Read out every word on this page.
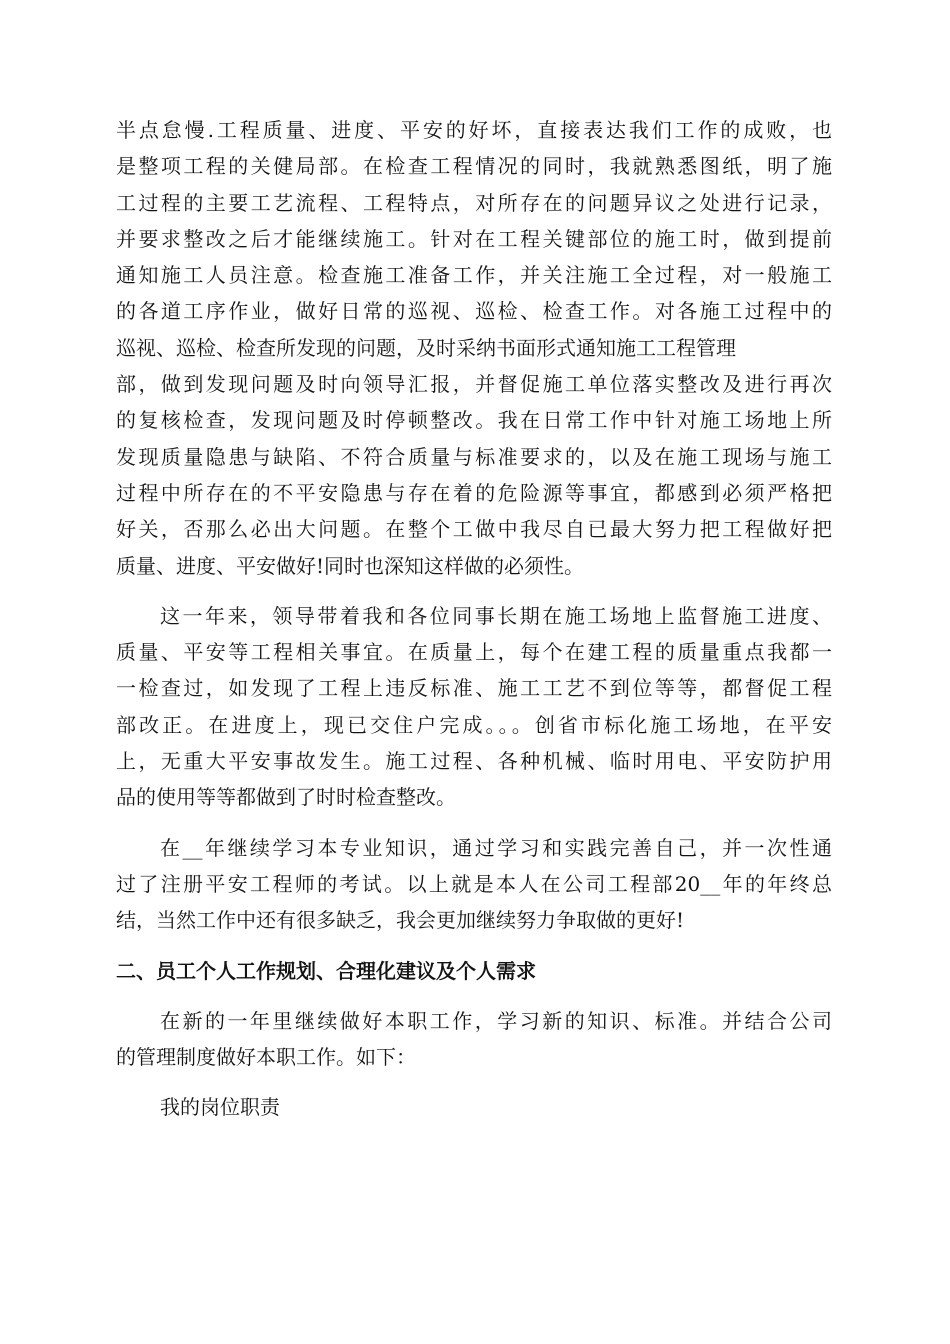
半点怠慢.工程质量、进度、平安的好坏，直接表达我们工作的成败，也
是整项工程的关健局部。在检查工程情况的同时，我就熟悉图纸，明了施
工过程的主要工艺流程、工程特点，对所存在的问题异议之处进行记录，
并要求整改之后才能继续施工。针对在工程关键部位的施工时，做到提前
通知施工人员注意。检查施工准备工作，并关注施工全过程，对一般施工
的各道工序作业，做好日常的巡视、巡检、检查工作。对各施工过程中的
巡视、巡检、检查所发现的问题，及时采纳书面形式通知施工工程管理
部，做到发现问题及时向领导汇报，并督促施工单位落实整改及进行再次
的复核检查，发现问题及时停顿整改。我在日常工作中针对施工场地上所
发现质量隐患与缺陷、不符合质量与标准要求的，以及在施工现场与施工
过程中所存在的不平安隐患与存在着的危险源等事宜，都感到必须严格把
好关，否那么必出大问题。在整个工做中我尽自已最大努力把工程做好把
质量、进度、平安做好!同时也深知这样做的必须性。
这一年来，领导带着我和各位同事长期在施工场地上监督施工进度、
质量、平安等工程相关事宜。在质量上，每个在建工程的质量重点我都一
一检查过，如发现了工程上违反标准、施工工艺不到位等等，都督促工程
部改正。在进度上，现已交住户完成。。。创省市标化施工场地，在平安
上，无重大平安事故发生。施工过程、各种机械、临时用电、平安防护用
品的使用等等都做到了时时检查整改。
在__年继续学习本专业知识，通过学习和实践完善自己，并一次性通
过了注册平安工程师的考试。以上就是本人在公司工程部20__年的年终总
结，当然工作中还有很多缺乏，我会更加继续努力争取做的更好!
二、员工个人工作规划、合理化建议及个人需求
在新的一年里继续做好本职工作，学习新的知识、标准。并结合公司
的管理制度做好本职工作。如下：
我的岗位职责
